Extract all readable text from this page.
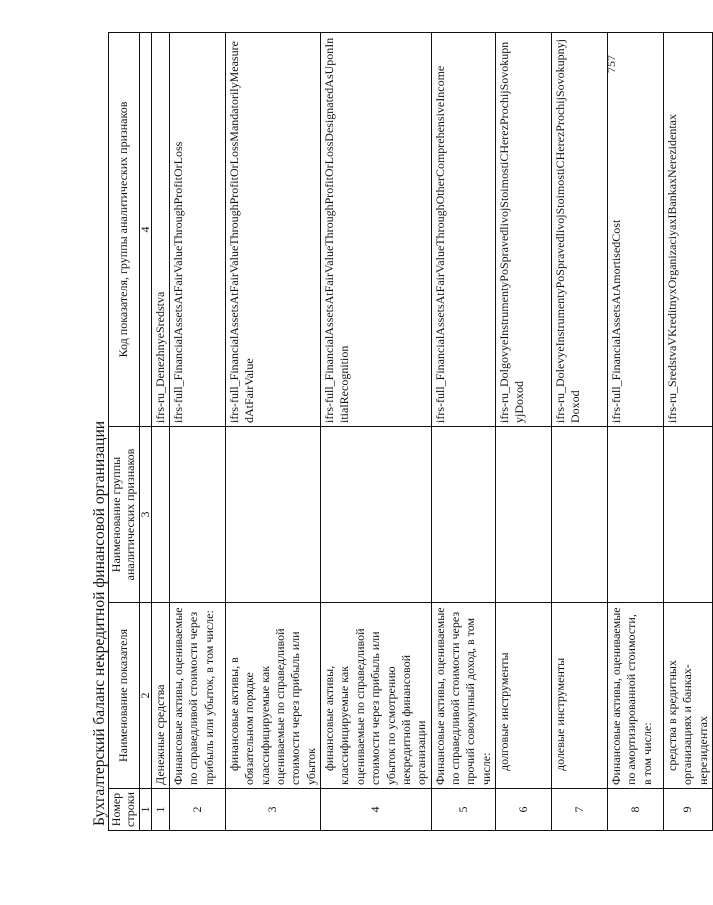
757
Бухгалтерский баланс некредитной финансовой организации Номер строки	Наименование показателя	Наименование группы аналитических признаков	Код показателя, группы аналитических признаков
1	2	3	4
1	Денежные средства		ifrs-ru_DenezhnyeSredstva
2	Финансовые активы, оцениваемые по справедливой стоимости через прибыль или убыток, в том числе:		ifrs-full_FinancialAssetsAtFairValueThroughProfitOrLoss
3	финансовые активы, в обязательном порядке классифицируемые как оцениваемые по справедливой стоимости через прибыль или убыток		ifrs-full_FinancialAssetsAtFairValueThroughProfitOrLossMandatorilyMeasuredAtFairValue
4	финансовые активы, классифицируемые как оцениваемые по справедливой стоимости через прибыль или убыток по усмотрению некредитной финансовой организации		ifrs-full_FinancialAssetsAtFairValueThroughProfitOrLossDesignatedAsUponInitialRecognition
5	Финансовые активы, оцениваемые по справедливой стоимости через прочий совокупный доход, в том числе:		ifrs-full_FinancialAssetsAtFairValueThroughOtherComprehensiveIncome
6	долговые инструменты		ifrs-ru_DolgovyeInstrumentyPoSpravedlivojStoimostiCHerezProchijSovokupnyjDoxod
7	долевые инструменты		ifrs-ru_DolevyeInstrumentyPoSpravedlivojStoimostiCHerezProchijSovokupnyjDoxod
8	Финансовые активы, оцениваемые по амортизированной стоимости, в том числе:		ifrs-full_FinancialAssetsAtAmortisedCost
9	средства в кредитных организациях и банках-нерезидентах		ifrs-ru_SredstvaVKreditnyxOrganizaciyaxIBankaxNerezidentax
